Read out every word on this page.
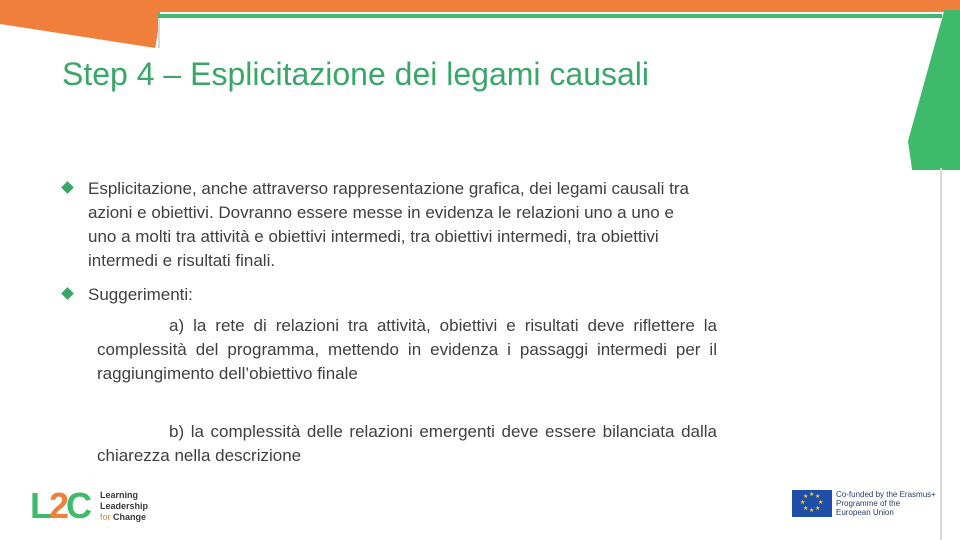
Step 4 – Esplicitazione dei legami causali
Esplicitazione, anche attraverso rappresentazione grafica, dei legami causali tra azioni e obiettivi. Dovranno essere messe in evidenza le relazioni uno a uno e uno a molti tra attività e obiettivi intermedi, tra obiettivi intermedi, tra obiettivi intermedi e risultati finali.
Suggerimenti:
a) la rete di relazioni tra attività, obiettivi e risultati deve riflettere la complessità del programma, mettendo in evidenza i passaggi intermedi per il raggiungimento dell’obiettivo finale
b) la complessità delle relazioni emergenti deve essere bilanciata dalla chiarezza nella descrizione
L2C Learning
Leadership
for Change
★ ★
★
★
★
★
★
★	Co-funded by the Erasmus+ Programme of the European Union
